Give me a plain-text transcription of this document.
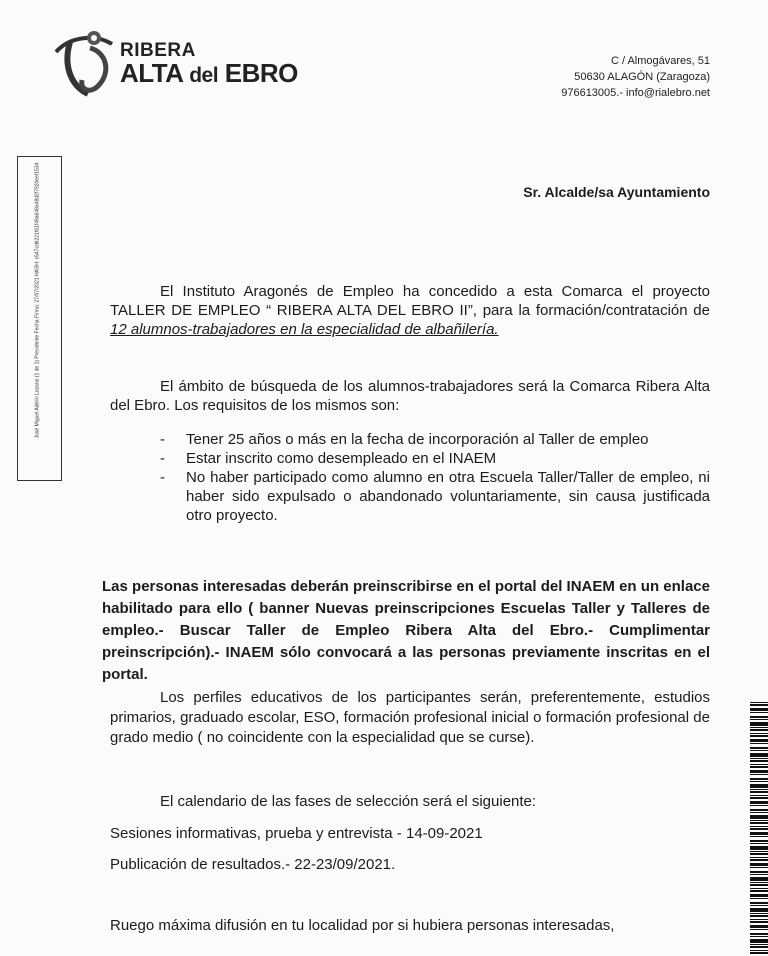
RIBERA
ALTA del EBRO	C / Almogávares, 51
50630 ALAGÓN (Zaragoza)
976613005.- info@rialebro.net
José Miguel Adelín Lozano (1 de 1) Presidente Fecha Firma: 27/07/2021 HASH: c547cd6221f61f49a648a48d2f7920eef1534	Sr. Alcalde/sa Ayuntamiento
El Instituto Aragonés de Empleo ha concedido a esta Comarca el proyecto TALLER DE EMPLEO “ RIBERA ALTA DEL EBRO II”, para la formación/contratación de 12 alumnos-trabajadores en la especialidad de albañilería.
El ámbito de búsqueda de los alumnos-trabajadores será la Comarca Ribera Alta del Ebro. Los requisitos de los mismos son:
- Tener 25 años o más en la fecha de incorporación al Taller de empleo
- Estar inscrito como desempleado en el INAEM
- No haber participado como alumno en otra Escuela Taller/Taller de empleo, ni haber sido expulsado o abandonado voluntariamente, sin causa justificada otro proyecto.
Las personas interesadas deberán preinscribirse en el portal del INAEM en un enlace habilitado para ello ( banner Nuevas preinscripciones Escuelas Taller y Talleres de empleo.- Buscar Taller de Empleo Ribera Alta del Ebro.- Cumplimentar preinscripción).- INAEM sólo convocará a las personas previamente inscritas en el portal.
Los perfiles educativos de los participantes serán, preferentemente, estudios primarios, graduado escolar, ESO, formación profesional inicial o formación profesional de grado medio ( no coincidente con la especialidad que se curse).
El calendario de las fases de selección será el siguiente:
Sesiones informativas, prueba y entrevista - 14-09-2021
Publicación de resultados.- 22-23/09/2021.
Ruego máxima difusión en tu localidad por si hubiera personas interesadas,
